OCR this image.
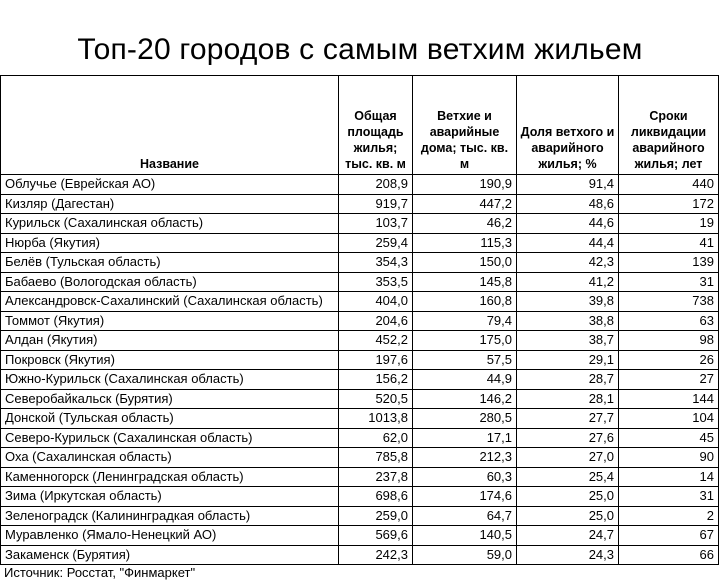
Топ-20 городов с самым ветхим жильем
Название	Общая площадь жилья; тыс. кв. м	Ветхие и аварийные дома; тыс. кв. м	Доля ветхого и аварийного жилья; %	Сроки ликвидации аварийного жилья; лет
Облучье (Еврейская АО)	208,9	190,9	91,4	440
Кизляр (Дагестан)	919,7	447,2	48,6	172
Курильск (Сахалинская область)	103,7	46,2	44,6	19
Нюрба (Якутия)	259,4	115,3	44,4	41
Белёв (Тульская область)	354,3	150,0	42,3	139
Бабаево (Вологодская область)	353,5	145,8	41,2	31
Александровск-Сахалинский (Сахалинская область)	404,0	160,8	39,8	738
Томмот (Якутия)	204,6	79,4	38,8	63
Алдан (Якутия)	452,2	175,0	38,7	98
Покровск (Якутия)	197,6	57,5	29,1	26
Южно-Курильск (Сахалинская область)	156,2	44,9	28,7	27
Северобайкальск (Бурятия)	520,5	146,2	28,1	144
Донской (Тульская область)	1013,8	280,5	27,7	104
Северо-Курильск (Сахалинская область)	62,0	17,1	27,6	45
Оха (Сахалинская область)	785,8	212,3	27,0	90
Каменногорск (Ленинградская область)	237,8	60,3	25,4	14
Зима (Иркутская область)	698,6	174,6	25,0	31
Зеленоградск (Калининградкая область)	259,0	64,7	25,0	2
Муравленко (Ямало-Ненецкий АО)	569,6	140,5	24,7	67
Закаменск (Бурятия)	242,3	59,0	24,3	66
Источник: Росстат, "Финмаркет"
